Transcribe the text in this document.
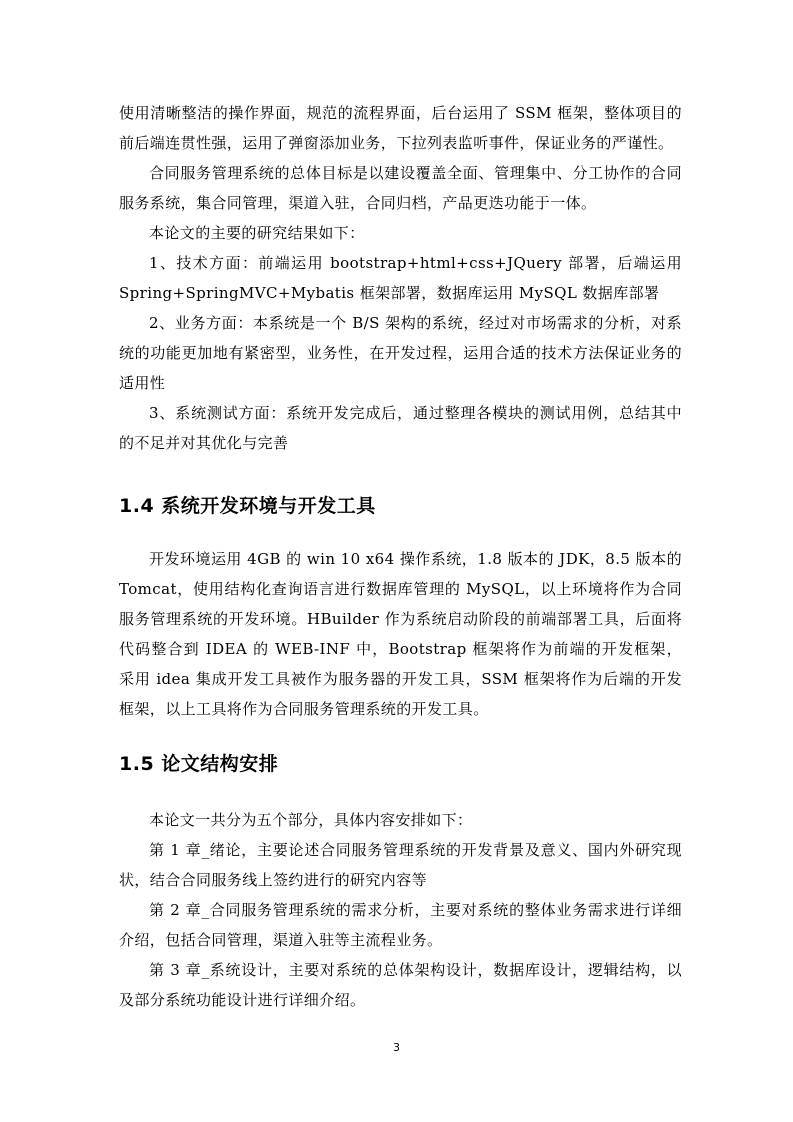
使用清晰整洁的操作界面，规范的流程界面，后台运用了 SSM 框架，整体项目的前后端连贯性强，运用了弹窗添加业务，下拉列表监听事件，保证业务的严谨性。

合同服务管理系统的总体目标是以建设覆盖全面、管理集中、分工协作的合同服务系统，集合同管理，渠道入驻，合同归档，产品更迭功能于一体。

本论文的主要的研究结果如下：

1、技术方面：前端运用 bootstrap+html+css+JQuery 部署，后端运用 Spring+SpringMVC+Mybatis 框架部署，数据库运用 MySQL 数据库部署

2、业务方面：本系统是一个 B/S 架构的系统，经过对市场需求的分析，对系统的功能更加地有紧密型，业务性，在开发过程，运用合适的技术方法保证业务的适用性

3、系统测试方面：系统开发完成后，通过整理各模块的测试用例，总结其中的不足并对其优化与完善

1.4 系统开发环境与开发工具

开发环境运用 4GB 的 win 10 x64 操作系统，1.8 版本的 JDK，8.5 版本的 Tomcat，使用结构化查询语言进行数据库管理的 MySQL，以上环境将作为合同服务管理系统的开发环境。HBuilder 作为系统启动阶段的前端部署工具，后面将代码整合到 IDEA 的 WEB-INF 中，Bootstrap 框架将作为前端的开发框架， 采用 idea 集成开发工具被作为服务器的开发工具，SSM 框架将作为后端的开发框架，以上工具将作为合同服务管理系统的开发工具。

1.5 论文结构安排

本论文一共分为五个部分，具体内容安排如下：

第 1 章_绪论，主要论述合同服务管理系统的开发背景及意义、国内外研究现状，结合合同服务线上签约进行的研究内容等

第 2 章_合同服务管理系统的需求分析，主要对系统的整体业务需求进行详细介绍，包括合同管理，渠道入驻等主流程业务。

第 3 章_系统设计，主要对系统的总体架构设计，数据库设计，逻辑结构，以及部分系统功能设计进行详细介绍。

3
